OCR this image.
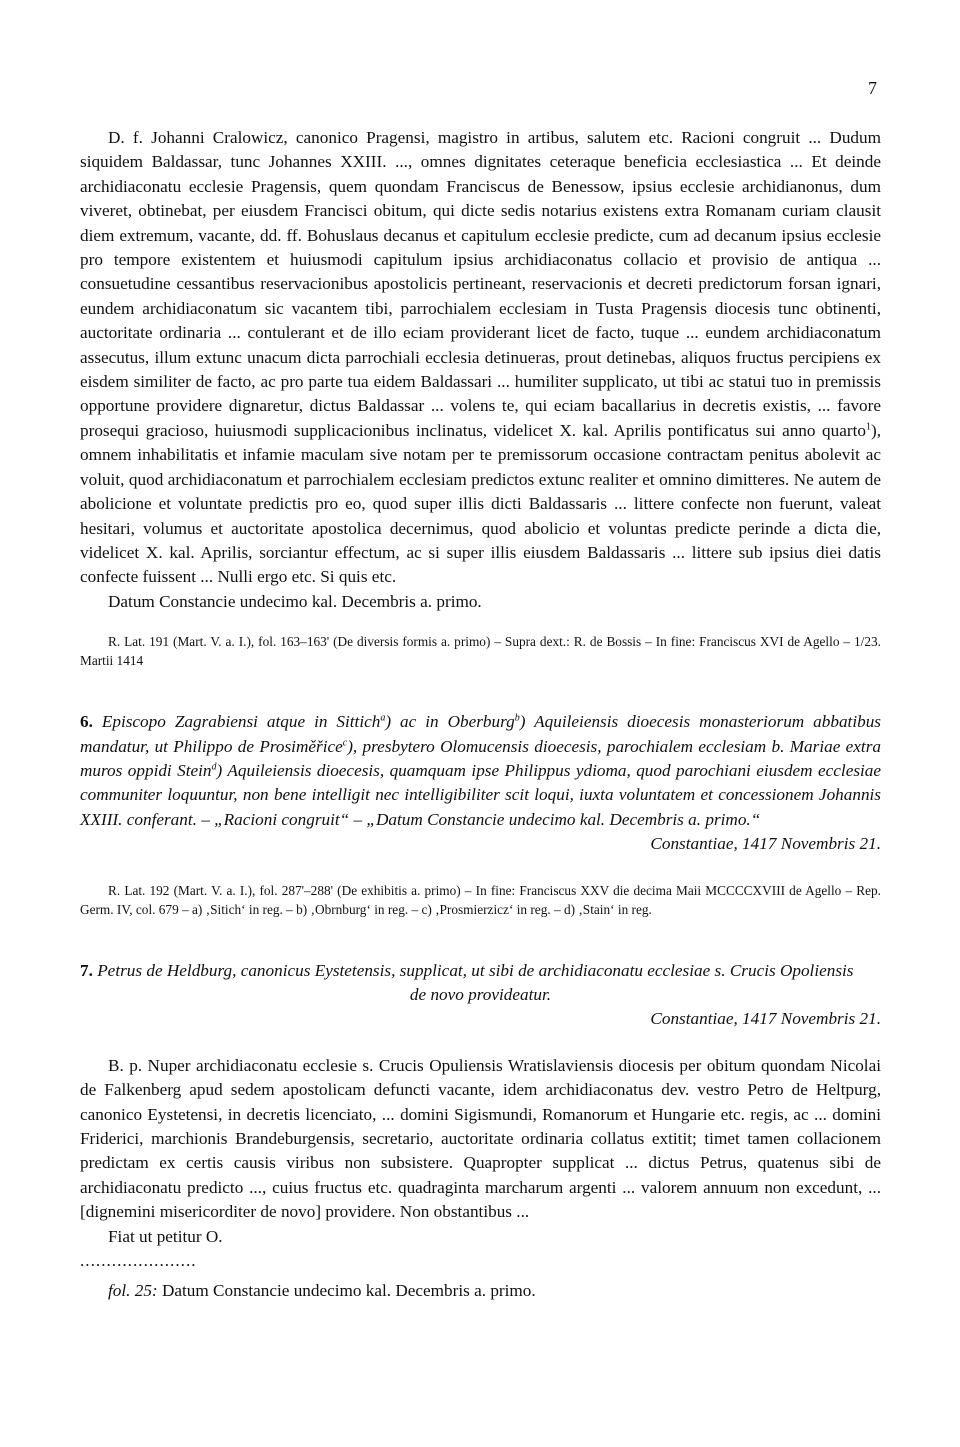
7

D. f. Johanni Cralowicz, canonico Pragensi, magistro in artibus, salutem etc. Racioni congruit ... Dudum siquidem Baldassar, tunc Johannes XXIII. ..., omnes dignitates ceteraque beneficia ecclesiastica ... Et deinde archidiaconatu ecclesie Pragensis, quem quondam Franciscus de Benessow, ipsius ecclesie archidianonus, dum viveret, obtinebat, per eiusdem Francisci obitum, qui dicte sedis notarius existens extra Romanam curiam clausit diem extremum, vacante, dd. ff. Bohuslaus decanus et capitulum ecclesie predicte, cum ad decanum ipsius ecclesie pro tempore existentem et huiusmodi capitulum ipsius archidiaconatus collacio et provisio de antiqua ... consuetudine cessantibus reservacionibus apostolicis pertineant, reservacionis et decreti predictorum forsan ignari, eundem archidiaconatum sic vacantem tibi, parrochialem ecclesiam in Tusta Pragensis diocesis tunc obtinenti, auctoritate ordinaria ... contulerant et de illo eciam providerant licet de facto, tuque ... eundem archidiaconatum assecutus, illum extunc unacum dicta parrochiali ecclesia detinueras, prout detinebas, aliquos fructus percipiens ex eisdem similiter de facto, ac pro parte tua eidem Baldassari ... humiliter supplicato, ut tibi ac statui tuo in premissis opportune providere dignaretur, dictus Baldassar ... volens te, qui eciam bacallarius in decretis existis, ... favore prosequi gracioso, huiusmodi supplicacionibus inclinatus, videlicet X. kal. Aprilis pontificatus sui anno quarto$^1$), omnem inhabilitatis et infamie maculam sive notam per te premissorum occasione contractam penitus abolevit ac voluit, quod archidiaconatum et parrochialem ecclesiam predictos extunc realiter et omnino dimitteres. Ne autem de abolicione et voluntate predictis pro eo, quod super illis dicti Baldassaris ... littere confecte non fuerunt, valeat hesitari, volumus et auctoritate apostolica decernimus, quod abolicio et voluntas predicte perinde a dicta die, videlicet X. kal. Aprilis, sorciantur effectum, ac si super illis eiusdem Baldassaris ... littere sub ipsius diei datis confecte fuissent ... Nulli ergo etc. Si quis etc.

Datum Constancie undecimo kal. Decembris a. primo.

R. Lat. 191 (Mart. V. a. I.), fol. 163–163' (De diversis formis a. primo) – Supra dext.: R. de Bossis – In fine: Franciscus XVI de Agello – 1/23. Martii 1414

6. Episcopo Zagrabiensi atque in Sittich$^a$) ac in Oberburg$^b$) Aquileiensis dioecesis monasteriorum abbatibus mandatur, ut Philippo de Prosiměřice$^c$), presbytero Olomucensis dioecesis, parochialem ecclesiam b. Mariae extra muros oppidi Stein$^d$) Aquileiensis dioecesis, quamquam ipse Philippus ydioma, quod parochiani eiusdem ecclesiae communiter loquuntur, non bene intelligit nec intelligibiliter scit loqui, iuxta voluntatem et concessionem Johannis XXIII. conferant. – „Racioni congruit“ – „Datum Constancie undecimo kal. Decembris a. primo.“

Constantiae, 1417 Novembris 21.

R. Lat. 192 (Mart. V. a. I.), fol. 287'–288' (De exhibitis a. primo) – In fine: Franciscus XXV die decima Maii MCCCCXVIII de Agello – Rep. Germ. IV, col. 679 – a) ‚Sitich‘ in reg. – b) ‚Obrnburg‘ in reg. – c) ‚Prosmierzicz‘ in reg. – d) ‚Stain‘ in reg.

7. Petrus de Heldburg, canonicus Eystetensis, supplicat, ut sibi de archidiaconatu ecclesiae s. Crucis Opoliensis

de novo provideatur.

Constantiae, 1417 Novembris 21.

B. p. Nuper archidiaconatu ecclesie s. Crucis Opuliensis Wratislaviensis diocesis per obitum quondam Nicolai de Falkenberg apud sedem apostolicam defuncti vacante, idem archidiaconatus dev. vestro Petro de Heltpurg, canonico Eystetensi, in decretis licenciato, ... domini Sigismundi, Romanorum et Hungarie etc. regis, ac ... domini Friderici, marchionis Brandeburgensis, secretario, auctoritate ordinaria collatus extitit; timet tamen collacionem predictam ex certis causis viribus non subsistere. Quapropter supplicat ... dictus Petrus, quatenus sibi de archidiaconatu predicto ..., cuius fructus etc. quadraginta marcharum argenti ... valorem annuum non excedunt, ... [dignemini misericorditer de novo] providere. Non obstantibus ...

Fiat ut petitur O.

......................

fol. 25: Datum Constancie undecimo kal. Decembris a. primo.
